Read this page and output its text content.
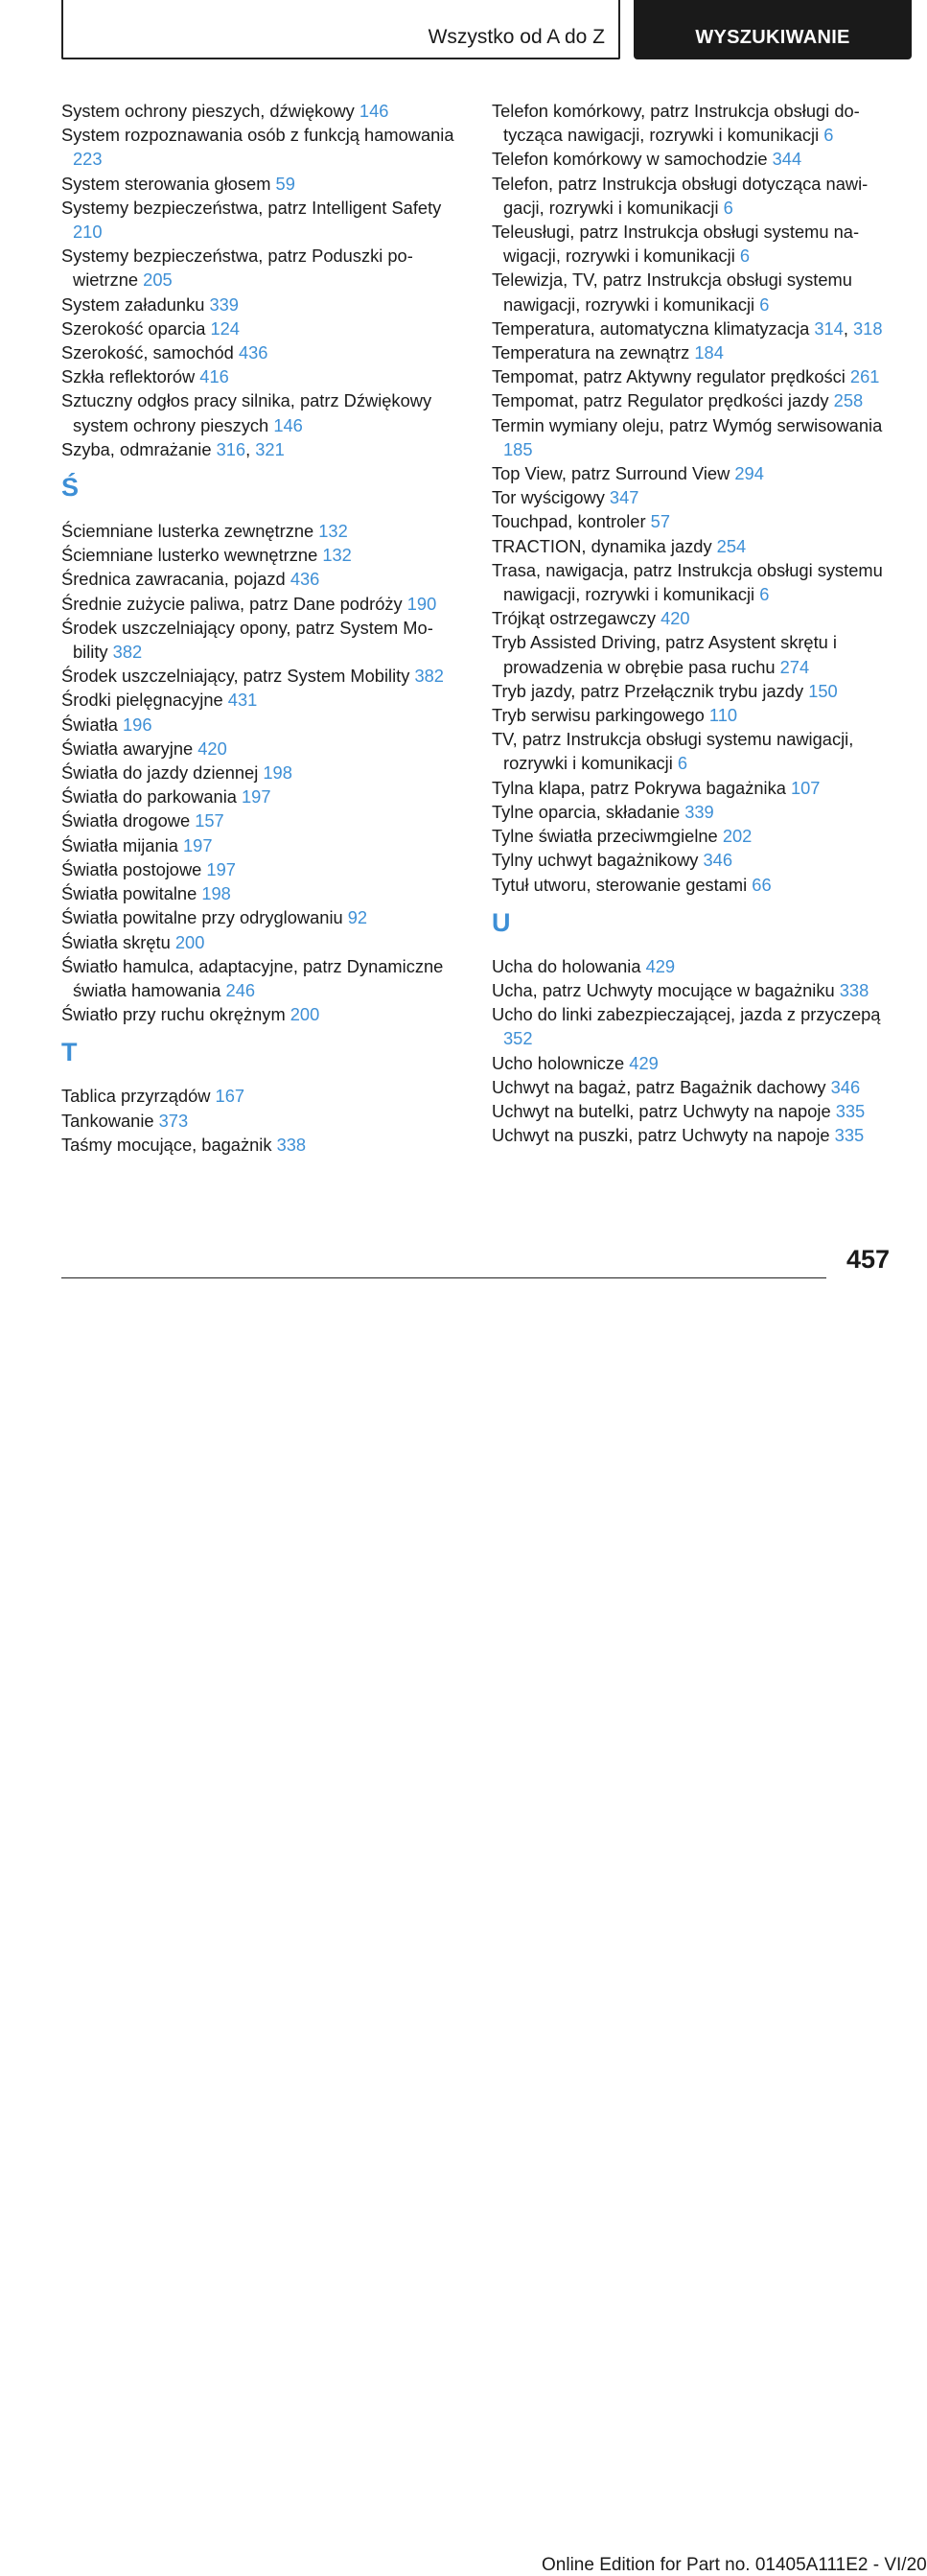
Wszystko od A do Z	WYSZUKIWANIE
System ochrony pieszych, dźwiękowy 146
System rozpoznawania osób z funkcją hamowania 223
System sterowania głosem 59
Systemy bezpieczeństwa, patrz Intelligent Safety 210
Systemy bezpieczeństwa, patrz Poduszki powietrzne 205
System załadunku 339
Szerokość oparcia 124
Szerokość, samochód 436
Szkła reflektorów 416
Sztuczny odgłos pracy silnika, patrz Dźwiękowy system ochrony pieszych 146
Szyba, odmrażanie 316, 321
Ś
Ściemniane lusterka zewnętrzne 132
Ściemniane lusterko wewnętrzne 132
Średnica zawracania, pojazd 436
Średnie zużycie paliwa, patrz Dane podróży 190
Środek uszczelniający opony, patrz System Mobility 382
Środek uszczelniający, patrz System Mobility 382
Środki pielęgnacyjne 431
Światła 196
Światła awaryjne 420
Światła do jazdy dziennej 198
Światła do parkowania 197
Światła drogowe 157
Światła mijania 197
Światła postojowe 197
Światła powitalne 198
Światła powitalne przy odryglowaniu 92
Światła skrętu 200
Światło hamulca, adaptacyjne, patrz Dynamiczne światła hamowania 246
Światło przy ruchu okrężnym 200
T
Tablica przyrządów 167
Tankowanie 373
Taśmy mocujące, bagażnik 338
Telefon komórkowy, patrz Instrukcja obsługi dotycząca nawigacji, rozrywki i komunikacji 6
Telefon komórkowy w samochodzie 344
Telefon, patrz Instrukcja obsługi dotycząca nawigacji, rozrywki i komunikacji 6
Teleusługi, patrz Instrukcja obsługi systemu nawigacji, rozrywki i komunikacji 6
Telewizja, TV, patrz Instrukcja obsługi systemu nawigacji, rozrywki i komunikacji 6
Temperatura, automatyczna klimatyzacja 314, 318
Temperatura na zewnątrz 184
Tempomat, patrz Aktywny regulator prędkości 261
Tempomat, patrz Regulator prędkości jazdy 258
Termin wymiany oleju, patrz Wymóg serwisowania 185
Top View, patrz Surround View 294
Tor wyścigowy 347
Touchpad, kontroler 57
TRACTION, dynamika jazdy 254
Trasa, nawigacja, patrz Instrukcja obsługi systemu nawigacji, rozrywki i komunikacji 6
Trójkąt ostrzegawczy 420
Tryb Assisted Driving, patrz Asystent skrętu i prowadzenia w obrębie pasa ruchu 274
Tryb jazdy, patrz Przełącznik trybu jazdy 150
Tryb serwisu parkingowego 110
TV, patrz Instrukcja obsługi systemu nawigacji, rozrywki i komunikacji 6
Tylna klapa, patrz Pokrywa bagażnika 107
Tylne oparcia, składanie 339
Tylne światła przeciwmgielne 202
Tylny uchwyt bagażnikowy 346
Tytuł utworu, sterowanie gestami 66
U
Ucha do holowania 429
Ucha, patrz Uchwyty mocujące w bagażniku 338
Ucho do linki zabezpieczającej, jazda z przyczepą 352
Ucho holownicze 429
Uchwyt na bagaż, patrz Bagażnik dachowy 346
Uchwyt na butelki, patrz Uchwyty na napoje 335
Uchwyt na puszki, patrz Uchwyty na napoje 335
457
Online Edition for Part no. 01405A111E2 - VI/20
